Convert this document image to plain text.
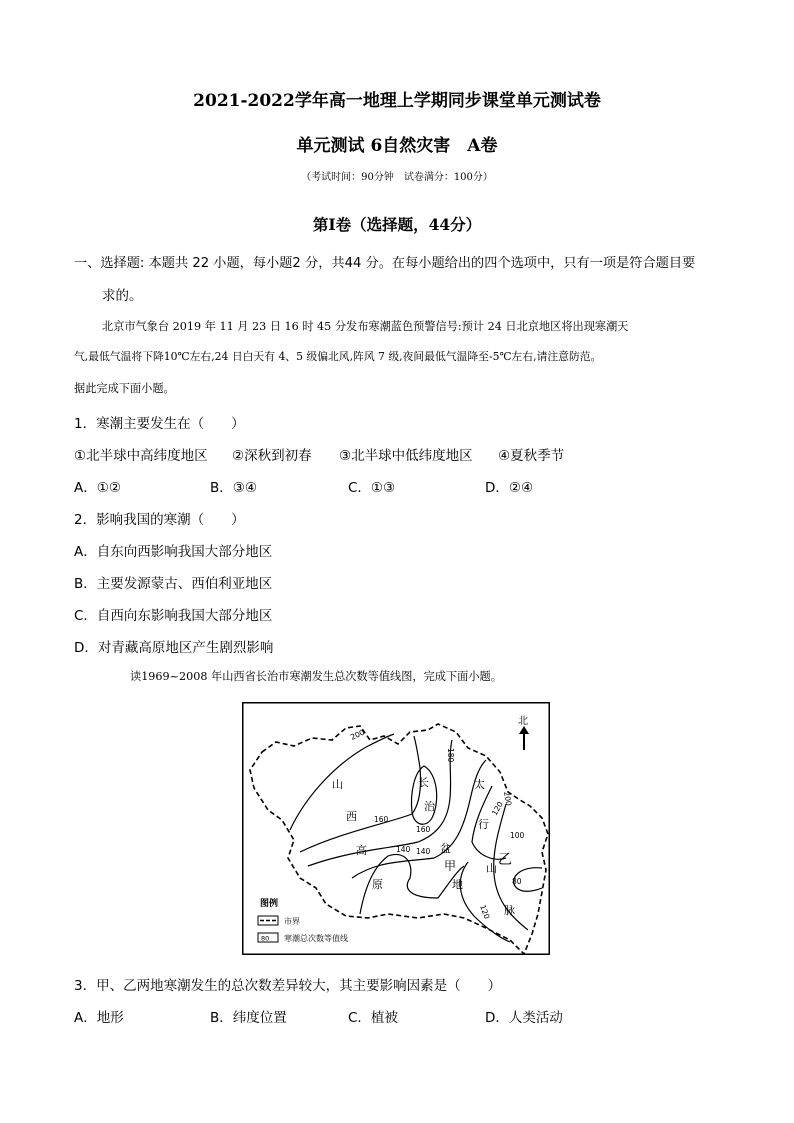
2021-2022学年高一地理上学期同步课堂单元测试卷
单元测试 6自然灾害　A卷
（考试时间：90分钟　试卷满分：100分）
第Ⅰ卷（选择题，44分）
一、选择题: 本题共 22 小题，每小题2 分，共44 分。在每小题给出的四个选项中，只有一项是符合题目要
求的。
北京市气象台 2019 年 11 月 23 日 16 时 45 分发布寒潮蓝色预警信号:预计 24 日北京地区将出现寒潮天
气,最低气温将下降10℃左右,24 日白天有 4、5 级偏北风,阵风 7 级,夜间最低气温降至-5℃左右,请注意防范。
据此完成下面小题。
1．寒潮主要发生在（　　）
①北半球中高纬度地区 ②深秋到初春 ③北半球中低纬度地区 ④夏秋季节
A．①②	B．③④	C．①③	D．②④
2．影响我国的寒潮（　　）
A．自东向西影响我国大部分地区
B．主要发源蒙古、西伯利亚地区
C．自西向东影响我国大部分地区
D．对青藏高原地区产生剧烈影响
读1969~2008 年山西省长治市寒潮发生总次数等值线图，完成下面小题。
200
180
160
160
140
140
200
120
100
80
120
山
西
高
原
长
治
盆
地
太
行
山
脉
甲	乙
北
图例
市界
80 寒潮总次数等值线
3．甲、乙两地寒潮发生的总次数差异较大，其主要影响因素是（　　）
A．地形	B．纬度位置	C．植被	D．人类活动
